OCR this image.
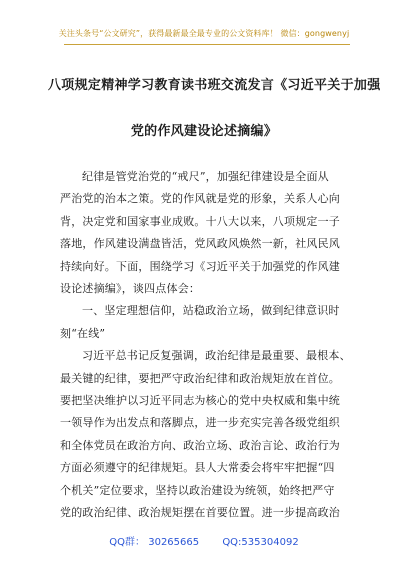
关注头条号“公文研究”，获得最新最全最专业的公文资料库！ 微信：gongwenyj
八项规定精神学习教育读书班交流发言《习近平关于加强
党的作风建设论述摘编》
纪律是管党治党的“戒尺”，加强纪律建设是全面从
严治党的治本之策。党的作风就是党的形象，关系人心向
背，决定党和国家事业成败。十八大以来，八项规定一子
落地，作风建设满盘皆活，党风政风焕然一新，社风民风
持续向好。下面，围绕学习《习近平关于加强党的作风建
设论述摘编》，谈四点体会：
一、坚定理想信仰，站稳政治立场，做到纪律意识时
刻“在线”
习近平总书记反复强调，政治纪律是最重要、最根本、
最关键的纪律，要把严守政治纪律和政治规矩放在首位。
要把坚决维护以习近平同志为核心的党中央权威和集中统
一领导作为出发点和落脚点，进一步充实完善各级党组织
和全体党员在政治方向、政治立场、政治言论、政治行为
方面必须遵守的纪律规矩。县人大常委会将牢牢把握“四
个机关”定位要求，坚持以政治建设为统领，始终把严守
党的政治纪律、政治规矩摆在首要位置。进一步提高政治
QQ群： 30265665 QQ:535304092
